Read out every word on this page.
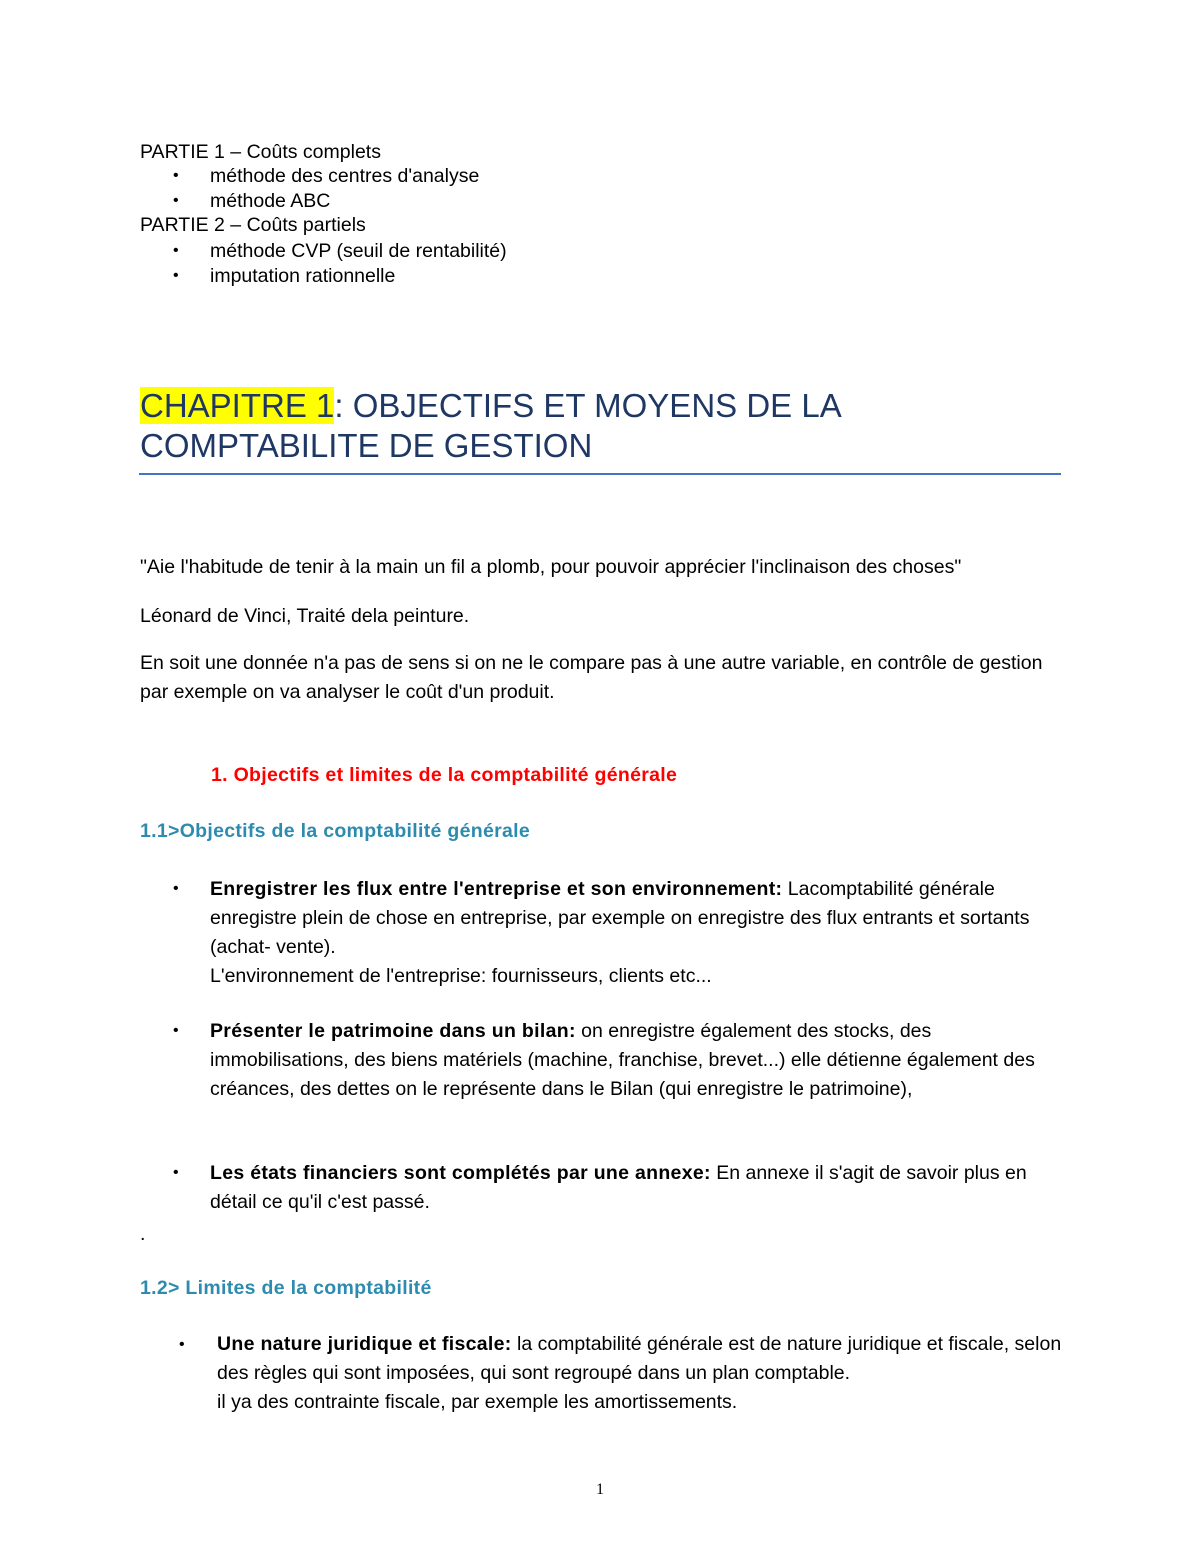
PARTIE 1 – Coûts complets
• méthode des centres d'analyse
• méthode ABC
PARTIE 2 – Coûts partiels
• méthode CVP (seuil de rentabilité)
• imputation rationnelle
CHAPITRE 1: OBJECTIFS ET MOYENS DE LA COMPTABILITE DE GESTION
"Aie l'habitude de tenir à la main un fil a plomb, pour pouvoir apprécier l'inclinaison des choses"
Léonard de Vinci, Traité dela peinture.
En soit une donnée n'a pas de sens si on ne le compare pas à une autre variable, en contrôle de gestion par exemple on va analyser le coût d'un produit.
1. Objectifs et limites de la comptabilité générale
1.1>Objectifs de la comptabilité générale
• Enregistrer les flux entre l'entreprise et son environnement: Lacomptabilité générale enregistre plein de chose en entreprise, par exemple on enregistre des flux entrants et sortants (achat- vente).
L'environnement de l'entreprise: fournisseurs, clients etc...
• Présenter le patrimoine dans un bilan: on enregistre également des stocks, des immobilisations, des biens matériels (machine, franchise, brevet...) elle détienne également des créances, des dettes on le représente dans le Bilan (qui enregistre le patrimoine),
• Les états financiers sont complétés par une annexe: En annexe il s'agit de savoir plus en détail ce qu'il c'est passé.
.
1.2> Limites de la comptabilité
• Une nature juridique et fiscale: la comptabilité générale est de nature juridique et fiscale, selon des règles qui sont imposées, qui sont regroupé dans un plan comptable.
il ya des contrainte fiscale, par exemple les amortissements.
1
